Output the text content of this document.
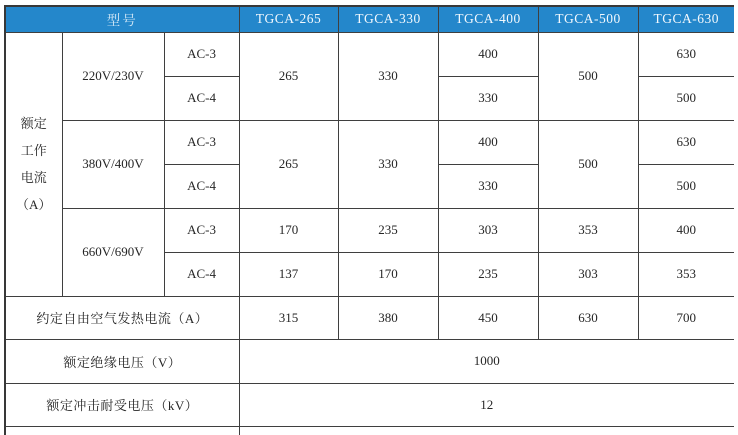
型号			TGCA-265	TGCA-330	TGCA-400	TGCA-500	TGCA-630

额定
工作
电流
（A）	220V/230V	AC-3	265	330	400	500	630
		AC-4			330		500
	380V/400V	AC-3	265	330	400	500	630
		AC-4			330		500
	660V/690V	AC-3	170	235	303	353	400
		AC-4	137	170	235	303	353
约定自由空气发热电流（A）			315	380	450	630	700
额定绝缘电压（V）			1000				
额定冲击耐受电压（kV）			12				
